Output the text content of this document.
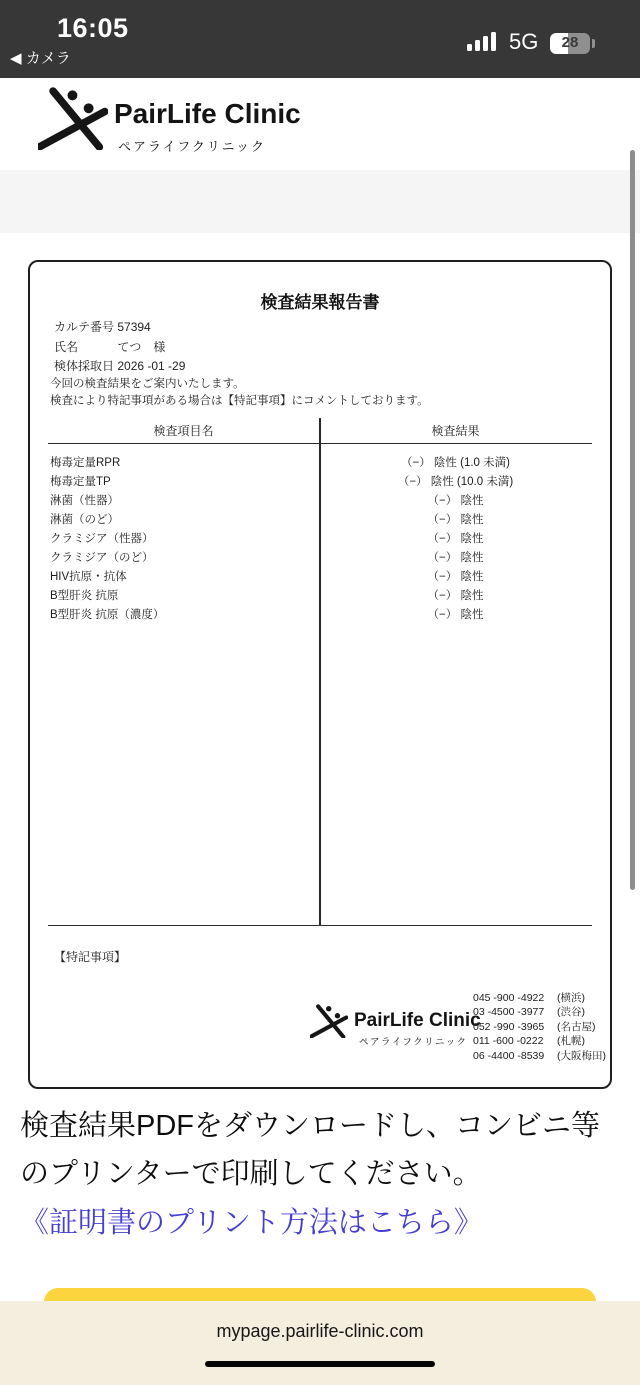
16:05
◀ カメラ
5G	28
PairLife Clinic
ペアライフクリニック
検査結果報告書
カルテ番号 57394
氏名	てつ　様
検体採取日 2026 -01 -29
今回の検査結果をご案内いたします。
検査により特記事項がある場合は【特記事項】にコメントしております。
検査項目名	検査結果
梅毒定量RPR	（−） 陰性 (1.0 未満)
梅毒定量TP	（−） 陰性 (10.0 未満)
淋菌（性器）	（−） 陰性
淋菌（のど）	（−） 陰性
クラミジア（性器）	（−） 陰性
クラミジア（のど）	（−） 陰性
HIV抗原・抗体	（−） 陰性
B型肝炎 抗原	（−） 陰性
B型肝炎 抗原（濃度）	（−） 陰性
【特記事項】
PairLife Clinic
ペアライフクリニック
045 -900 -4922 (横浜)
03 -4500 -3977 (渋谷)
052 -990 -3965 (名古屋)
011 -600 -0222 (札幌)
06 -4400 -8539 (大阪梅田)
検査結果PDFをダウンロードし、コンビニ等のプリンターで印刷してください。
《証明書のプリント方法はこちら》
mypage.pairlife-clinic.com
